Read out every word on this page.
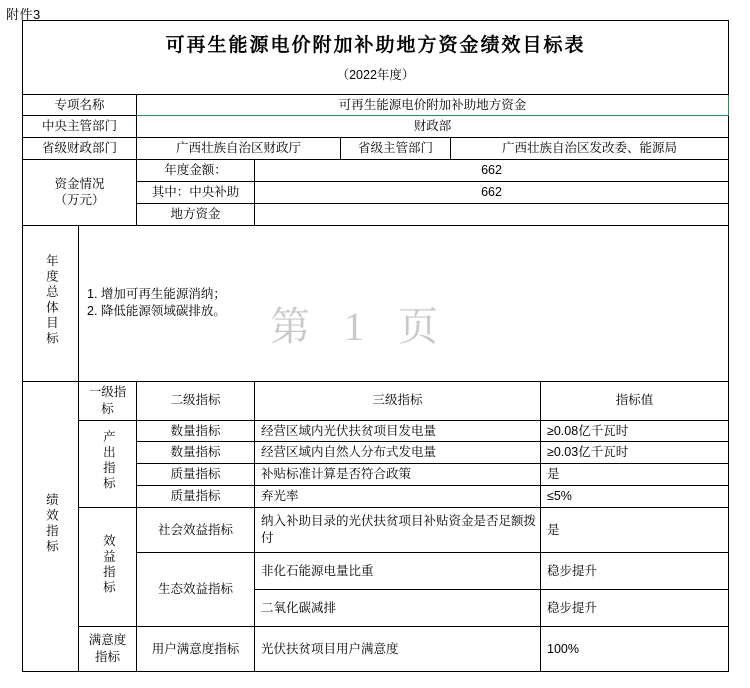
附件3
第 1 页
可再生能源电价附加补助地方资金绩效目标表						
（2022年度）						
专项名称		可再生能源电价附加补助地方资金				
中央主管部门		财政部				
省级财政部门		广西壮族自治区财政厅		省级主管部门	广西壮族自治区发改委、能源局	

资金情况
（万元）		年度金额：	662			
		其中：中央补助	662			
		地方资金				
年度总体目标	1. 增加可再生能源消纳；
2. 降低能源领域碳排放。					

绩效指标	一级指标	二级指标	三级指标			指标值
	产出指标	数量指标	经营区域内光伏扶贫项目发电量			≥0.08亿千瓦时
		数量指标	经营区域内自然人分布式发电量			≥0.03亿千瓦时
		质量指标	补贴标准计算是否符合政策			是
		质量指标	弃光率			≤5%
	效益指标	社会效益指标	纳入补助目录的光伏扶贫项目补贴资金是否足额拨付			是
		生态效益指标	非化石能源电量比重			稳步提升
			二氧化碳减排			稳步提升
	满意度指标	用户满意度指标	光伏扶贫项目用户满意度			100%
